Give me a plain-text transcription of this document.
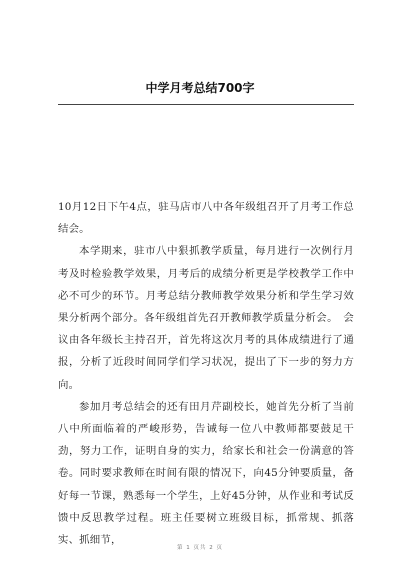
中学月考总结700字

10月12日下午4点，驻马店市八中各年级组召开了月考工作总结会。

本学期来，驻市八中狠抓教学质量，每月进行一次例行月考及时检验教学效果，月考后的成绩分析更是学校教学工作中必不可少的环节。月考总结分教师教学效果分析和学生学习效果分析两个部分。各年级组首先召开教师教学质量分析会。　会议由各年级长主持召开，首先将这次月考的具体成绩进行了通报，分析了近段时间同学们学习状况，提出了下一步的努力方向。

参加月考总结会的还有田月芹副校长，她首先分析了当前八中所面临着的严峻形势，告诫每一位八中教师都要鼓足干劲，努力工作，证明自身的实力，给家长和社会一份满意的答卷。同时要求教师在时间有限的情况下，向45分钟要质量，备好每一节课，熟悉每一个学生，上好45分钟，从作业和考试反馈中反思教学过程。班主任要树立班级目标，抓常规、抓落实、抓细节，

第 1 页共 2 页
